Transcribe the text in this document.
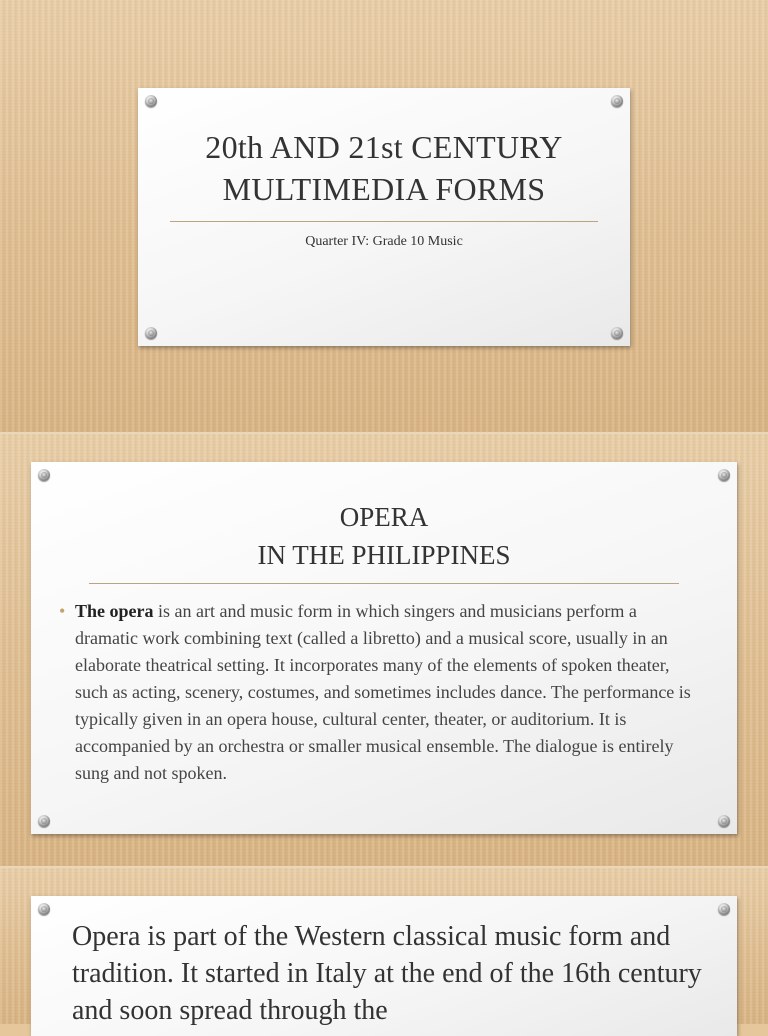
20th AND 21st CENTURY
MULTIMEDIA FORMS
Quarter IV: Grade 10 Music
OPERA
IN THE PHILIPPINES
• The opera is an art and music form in which singers and musicians perform a dramatic work combining text (called a libretto) and a musical score, usually in an elaborate theatrical setting. It incorporates many of the elements of spoken theater, such as acting, scenery, costumes, and sometimes includes dance. The performance is typically given in an opera house, cultural center, theater, or auditorium. It is accompanied by an orchestra or smaller musical ensemble. The dialogue is entirely sung and not spoken.
Opera is part of the Western classical music form and tradition. It started in Italy at the end of the 16th century and soon spread through the
